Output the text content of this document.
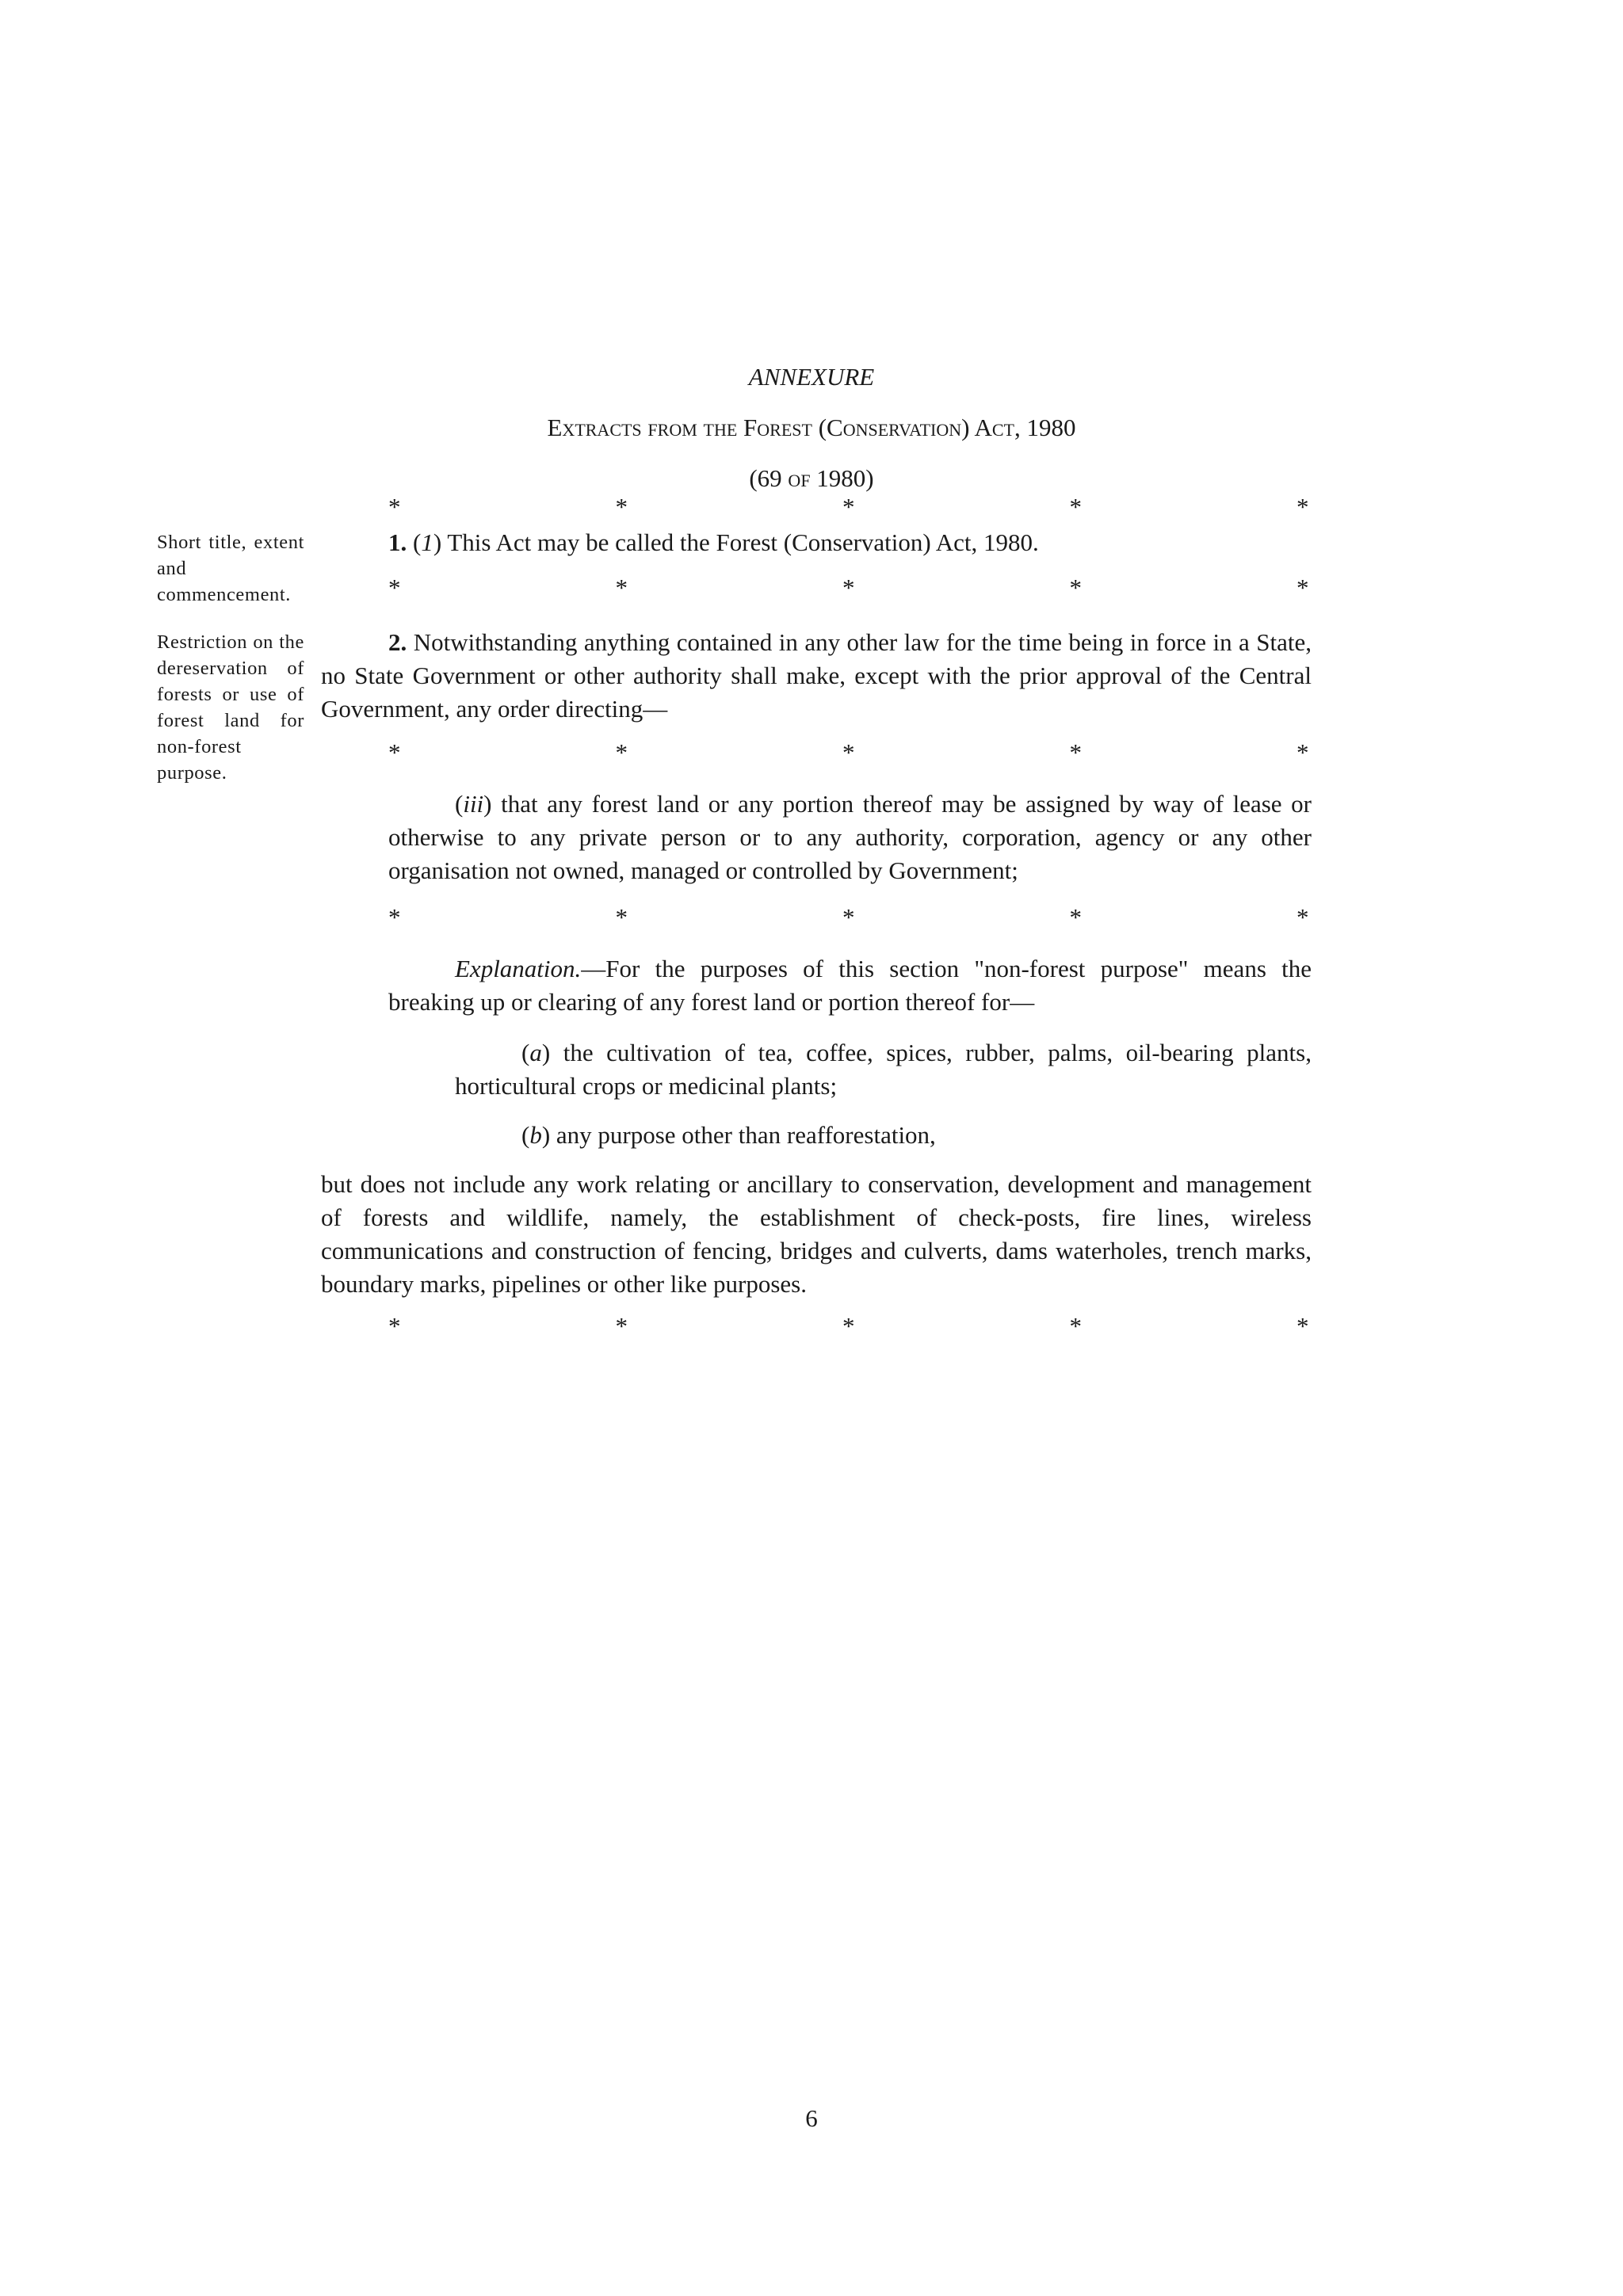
ANNEXURE
Extracts from the Forest (Conservation) Act, 1980
(69 of 1980)
*	*	*	*	*
Short title, extent and commencement.
1. (1) This Act may be called the Forest (Conservation) Act, 1980.
*	*	*	*	*
Restriction on the dereservation of forests or use of forest land for non-forest purpose.
2. Notwithstanding anything contained in any other law for the time being in force in a State, no State Government or other authority shall make, except with the prior approval of the Central Government, any order directing—
*	*	*	*	*
(iii) that any forest land or any portion thereof may be assigned by way of lease or otherwise to any private person or to any authority, corporation, agency or any other organisation not owned, managed or controlled by Government;
*	*	*	*	*
Explanation.—For the purposes of this section "non-forest purpose" means the breaking up or clearing of any forest land or portion thereof for—
(a) the cultivation of tea, coffee, spices, rubber, palms, oil-bearing plants, horticultural crops or medicinal plants;
(b) any purpose other than reafforestation,
but does not include any work relating or ancillary to conservation, development and management of forests and wildlife, namely, the establishment of check-posts, fire lines, wireless communications and construction of fencing, bridges and culverts, dams waterholes, trench marks, boundary marks, pipelines or other like purposes.
*	*	*	*	*
6
